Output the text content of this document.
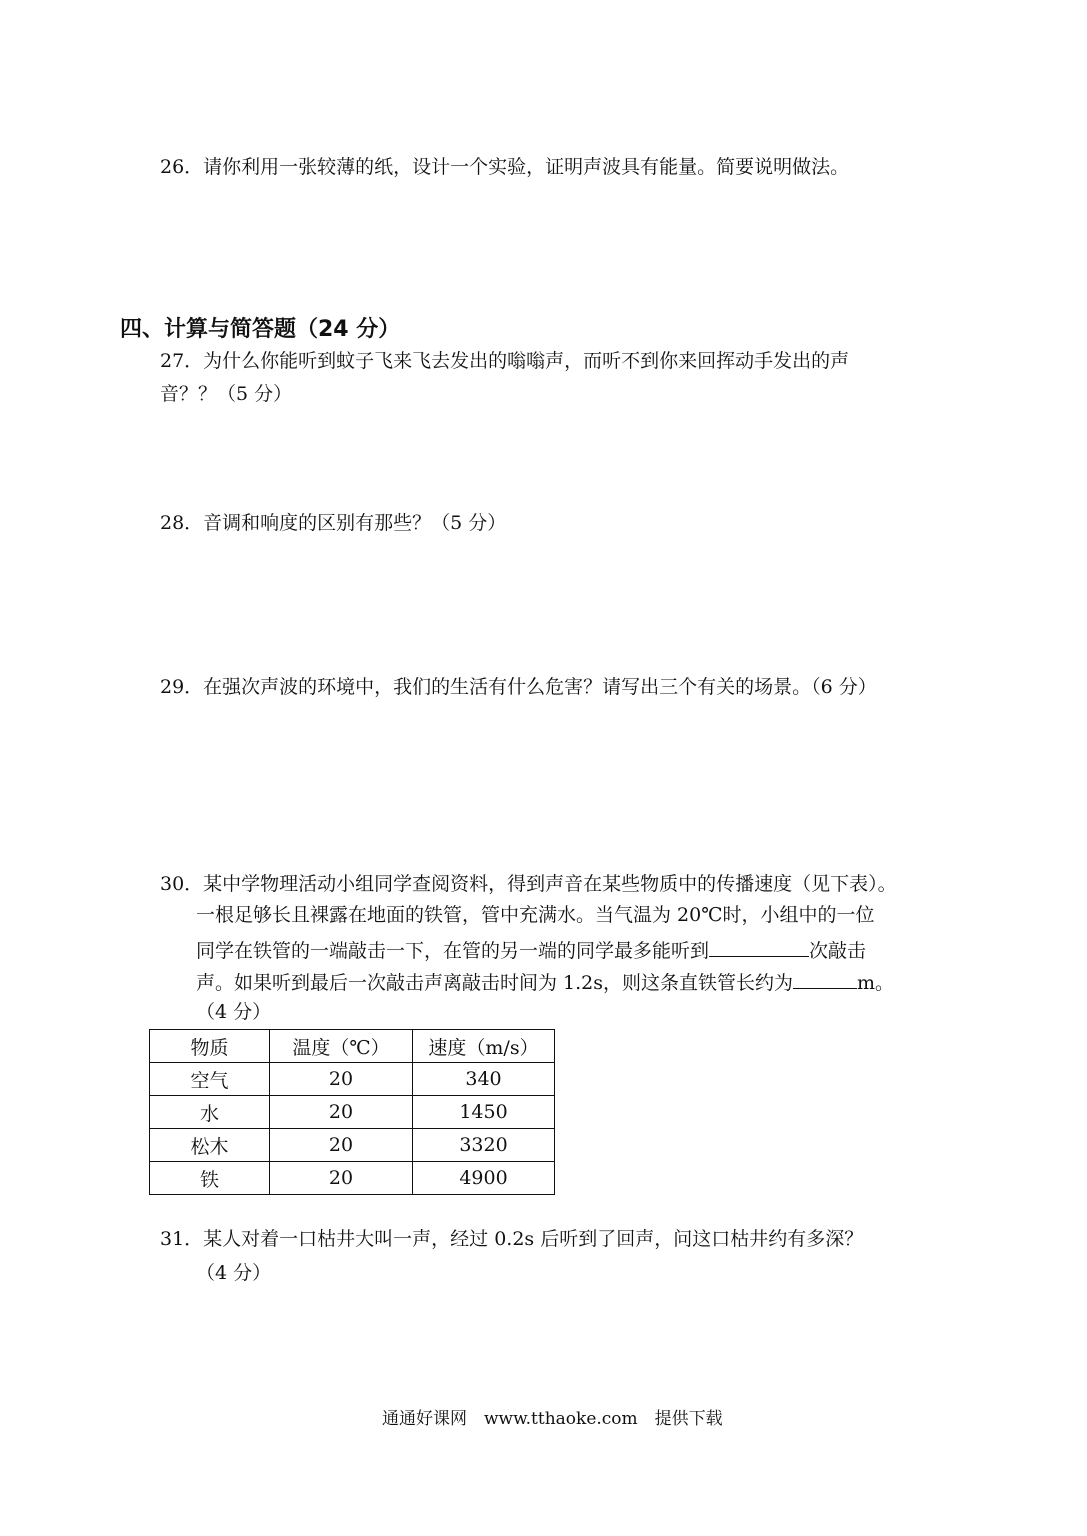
26．请你利用一张较薄的纸，设计一个实验，证明声波具有能量。简要说明做法。
四、计算与简答题（24 分）
27．为什么你能听到蚊子飞来飞去发出的嗡嗡声，而听不到你来回挥动手发出的声
音？？（5 分）
28．音调和响度的区别有那些？（5 分）
29．在强次声波的环境中，我们的生活有什么危害？请写出三个有关的场景。（6 分）
30．某中学物理活动小组同学查阅资料，得到声音在某些物质中的传播速度（见下表）。
一根足够长且裸露在地面的铁管，管中充满水。当气温为 20℃时，小组中的一位
同学在铁管的一端敲击一下，在管的另一端的同学最多能听到	次敲击
声。如果听到最后一次敲击声离敲击时间为 1.2s，则这条直铁管长约为	m。
（4 分）
物质	温度（℃）	速度（m/s）
空气	20	340
水	20	1450
松木	20	3320
铁	20	4900
31．某人对着一口枯井大叫一声，经过 0.2s 后听到了回声，问这口枯井约有多深？
（4 分）
通通好课网　www.tthaoke.com　提供下载
